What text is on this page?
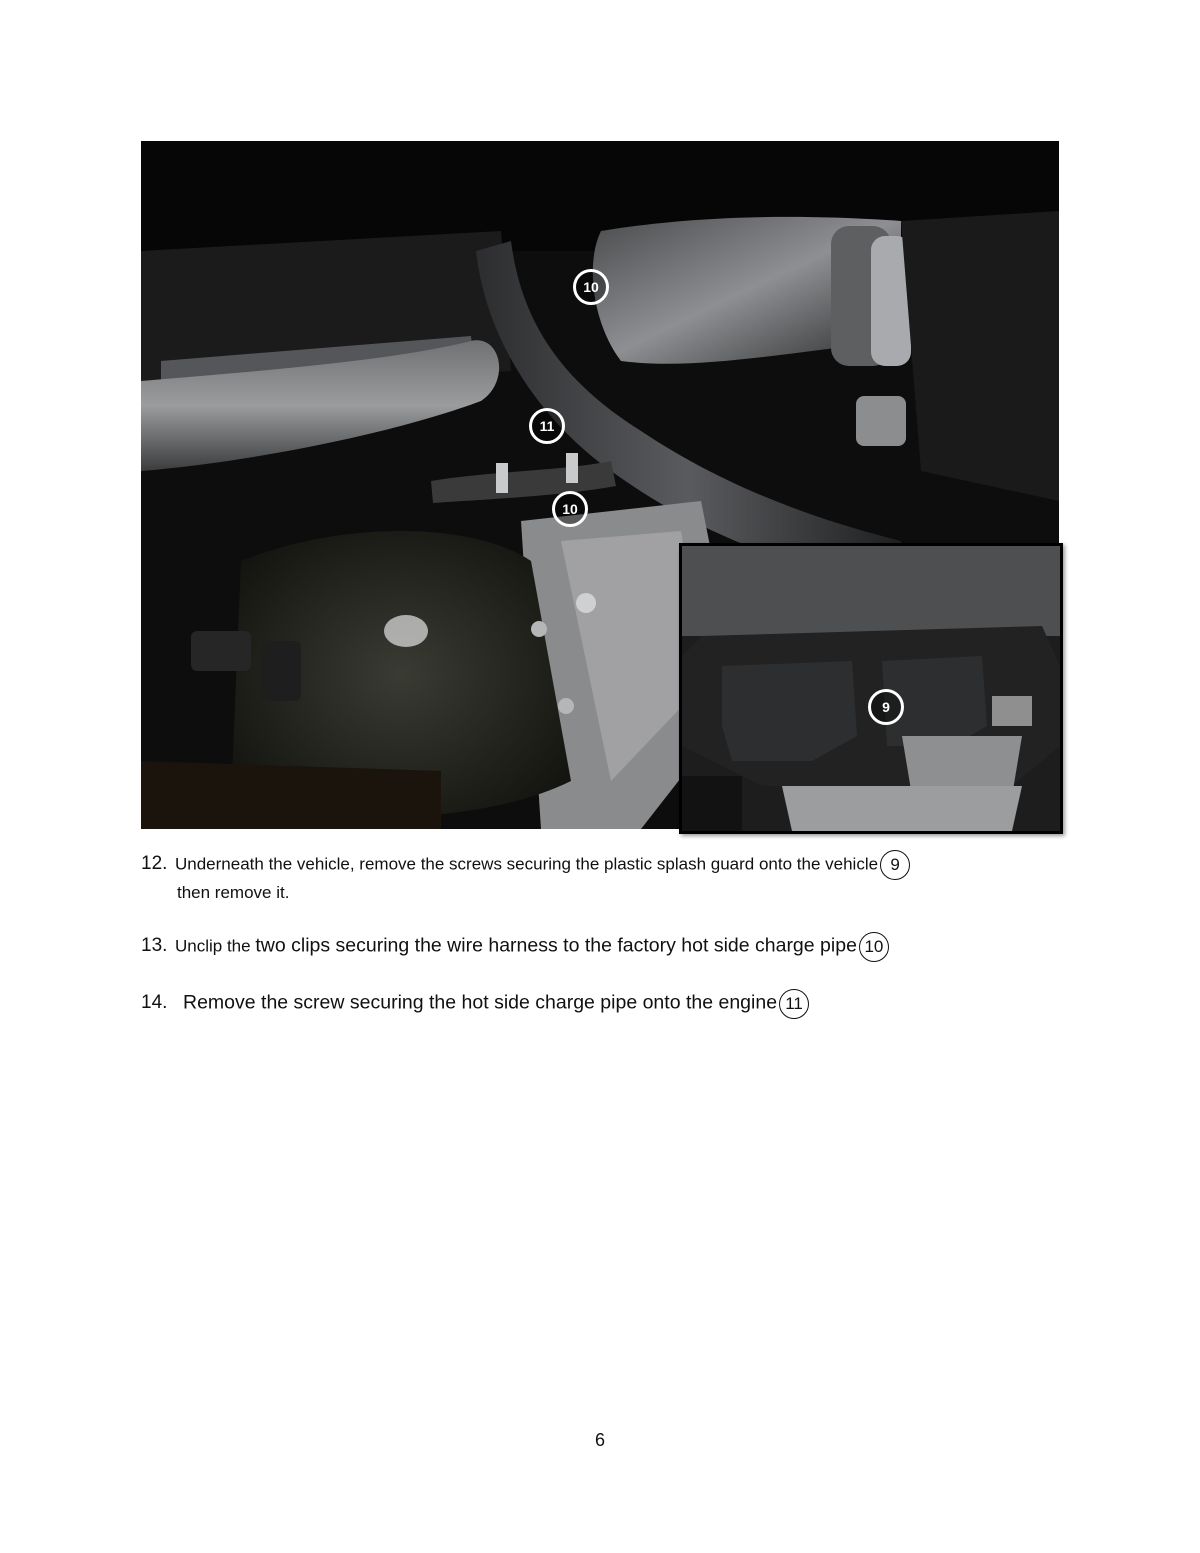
10
11
10
9
12. Underneath the vehicle, remove the screws securing the plastic splash guard onto the vehicle 9
then remove it.
13. Unclip the two clips securing the wire harness to the factory hot side charge pipe 10
14. Remove the screw securing the hot side charge pipe onto the engine 11
6
